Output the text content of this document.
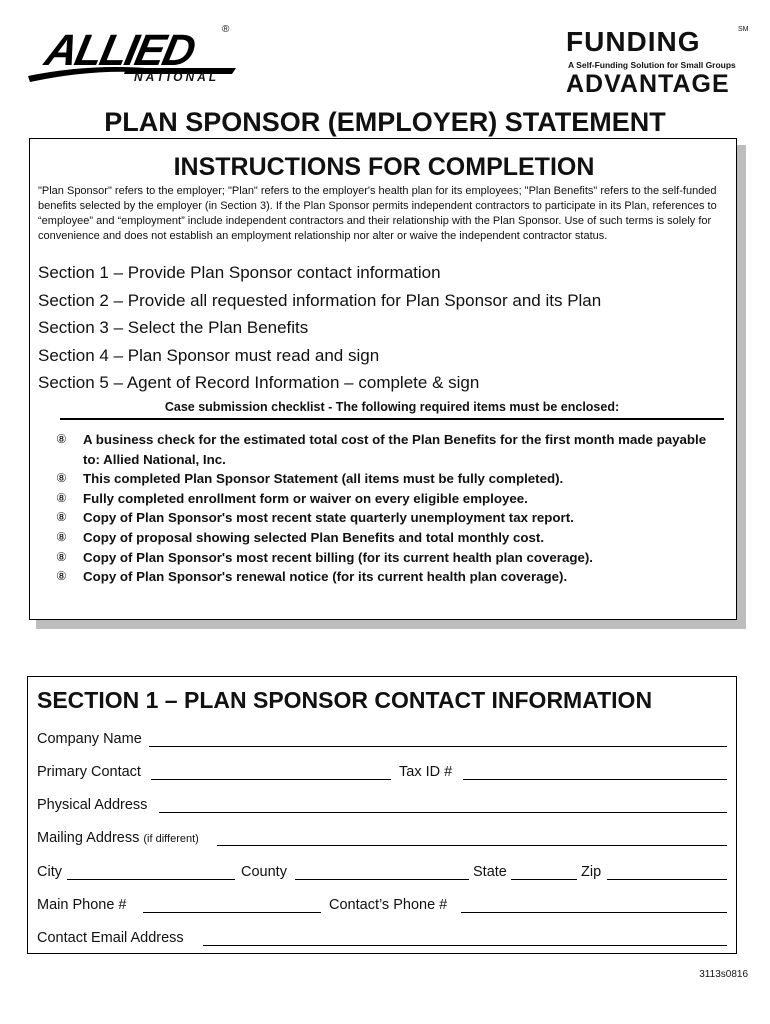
ALLIED ®
NATIONAL
FUNDING	SM
A Self-Funding Solution for Small Groups
ADVANTAGE
PLAN SPONSOR (EMPLOYER) STATEMENT
INSTRUCTIONS FOR COMPLETION
"Plan Sponsor" refers to the employer; "Plan" refers to the employer's health plan for its employees; "Plan Benefits" refers to the self-funded benefits selected by the employer (in Section 3). If the Plan Sponsor permits independent contractors to participate in its Plan, references to “employee” and “employment” include independent contractors and their relationship with the Plan Sponsor. Use of such terms is solely for convenience and does not establish an employment relationship nor alter or waive the independent contractor status.
Section 1 – Provide Plan Sponsor contact information
Section 2 – Provide all requested information for Plan Sponsor and its Plan
Section 3 – Select the Plan Benefits
Section 4 – Plan Sponsor must read and sign
Section 5 – Agent of Record Information – complete & sign
Case submission checklist - The following required items must be enclosed:
⑧ A business check for the estimated total cost of the Plan Benefits for the first month made payable to: Allied National, Inc.
⑧ This completed Plan Sponsor Statement (all items must be fully completed).
⑧ Fully completed enrollment form or waiver on every eligible employee.
⑧ Copy of Plan Sponsor's most recent state quarterly unemployment tax report.
⑧ Copy of proposal showing selected Plan Benefits and total monthly cost.
⑧ Copy of Plan Sponsor's most recent billing (for its current health plan coverage).
⑧ Copy of Plan Sponsor's renewal notice (for its current health plan coverage).
SECTION 1 – PLAN SPONSOR CONTACT INFORMATION
Company Name
Primary Contact	Tax ID #
Physical Address
Mailing Address (if different)
City	County	State	Zip
Main Phone #	Contact’s Phone #
Contact Email Address
3113s0816
